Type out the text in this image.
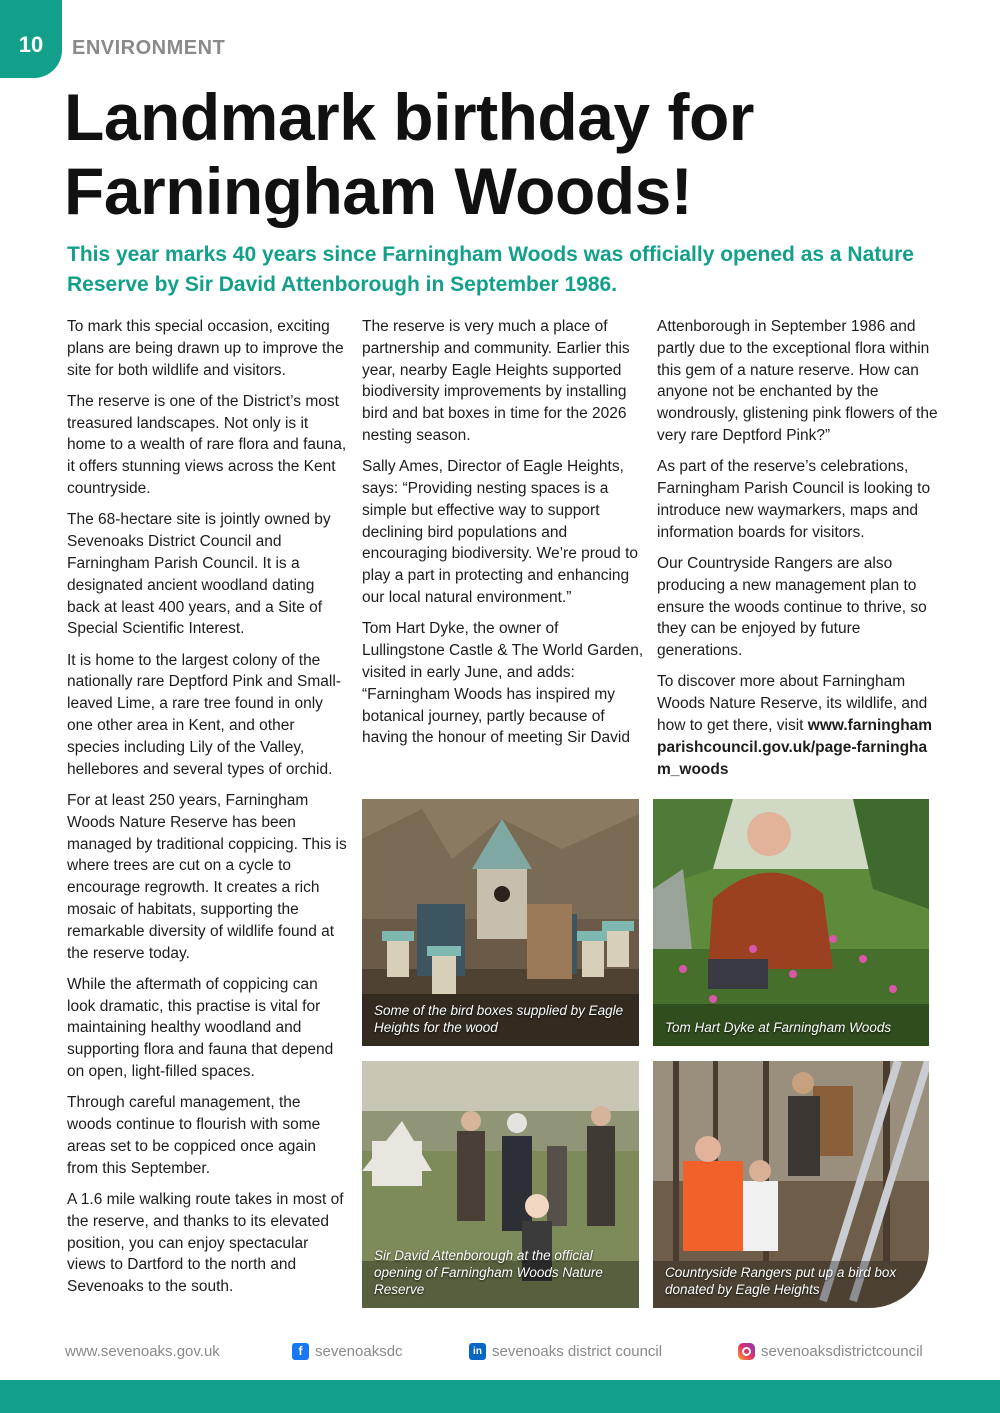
10	ENVIRONMENT
Landmark birthday for
Farningham Woods!

This year marks 40 years since Farningham Woods was officially opened as a Nature Reserve by Sir David Attenborough in September 1986.

To mark this special occasion, exciting plans are being drawn up to improve the site for both wildlife and visitors.

The reserve is one of the District’s most treasured landscapes. Not only is it home to a wealth of rare flora and fauna, it offers stunning views across the Kent countryside.

The 68-hectare site is jointly owned by Sevenoaks District Council and Farningham Parish Council. It is a designated ancient woodland dating back at least 400 years, and a Site of Special Scientific Interest.

It is home to the largest colony of the nationally rare Deptford Pink and Small-leaved Lime, a rare tree found in only one other area in Kent, and other species including Lily of the Valley, hellebores and several types of orchid.

For at least 250 years, Farningham Woods Nature Reserve has been managed by traditional coppicing. This is where trees are cut on a cycle to encourage regrowth. It creates a rich mosaic of habitats, supporting the remarkable diversity of wildlife found at the reserve today.

While the aftermath of coppicing can look dramatic, this practise is vital for maintaining healthy woodland and supporting flora and fauna that depend on open, light-filled spaces.

Through careful management, the woods continue to flourish with some areas set to be coppiced once again from this September.

A 1.6 mile walking route takes in most of the reserve, and thanks to its elevated position, you can enjoy spectacular views to Dartford to the north and Sevenoaks to the south.

The reserve is very much a place of partnership and community. Earlier this year, nearby Eagle Heights supported biodiversity improvements by installing bird and bat boxes in time for the 2026 nesting season.

Sally Ames, Director of Eagle Heights, says: “Providing nesting spaces is a simple but effective way to support declining bird populations and encouraging biodiversity. We’re proud to play a part in protecting and enhancing our local natural environment.”

Tom Hart Dyke, the owner of Lullingstone Castle & The World Garden, visited in early June, and adds: “Farningham Woods has inspired my botanical journey, partly because of having the honour of meeting Sir David

Attenborough in September 1986 and partly due to the exceptional flora within this gem of a nature reserve. How can anyone not be enchanted by the wondrously, glistening pink flowers of the very rare Deptford Pink?”

As part of the reserve’s celebrations, Farningham Parish Council is looking to introduce new waymarkers, maps and information boards for visitors.

Our Countryside Rangers are also producing a new management plan to ensure the woods continue to thrive, so they can be enjoyed by future generations.

To discover more about Farningham Woods Nature Reserve, its wildlife, and how to get there, visit www.farninghamparishcouncil.gov.uk/page-farningham_woods

Some of the bird boxes supplied by Eagle Heights for the wood	Tom Hart Dyke at Farningham Woods
Sir David Attenborough at the official opening of Farningham Woods Nature Reserve
Countryside Rangers put up a bird box donated by Eagle Heights
www.sevenoaks.gov.uk	f sevenoaksdc	in sevenoaks district council	sevenoaksdistrictcouncil
